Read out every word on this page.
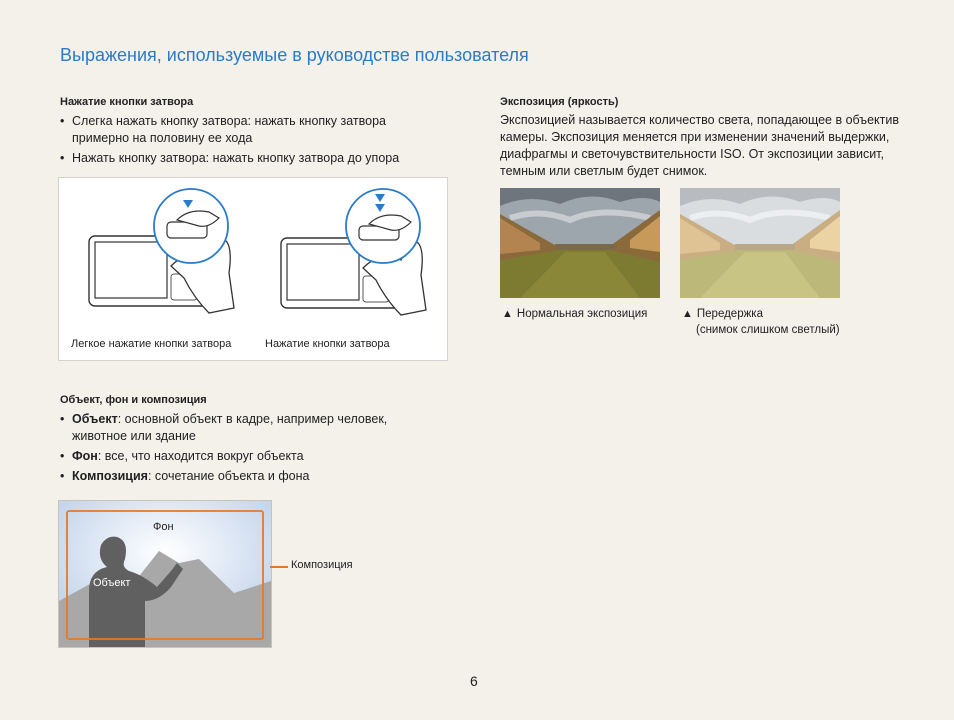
Выражения, используемые в руководстве пользователя
Нажатие кнопки затвора
• Слегка нажать кнопку затвора: нажать кнопку затвора примерно на половину ее хода
• Нажать кнопку затвора: нажать кнопку затвора до упора
Легкое нажатие кнопки затвора	Нажатие кнопки затвора
Объект, фон и композиция
• Объект: основной объект в кадре, например человек, животное или здание
• Фон: все, что находится вокруг объекта
• Композиция: сочетание объекта и фона
Фон
Объект
Композиция
Экспозиция (яркость)

Экспозицией называется количество света, попадающее в объектив камеры. Экспозиция меняется при изменении значений выдержки, диафрагмы и светочувствительности ISO. От экспозиции зависит, темным или светлым будет снимок.

▲ Нормальная экспозиция	▲ Передержка
(снимок слишком светлый)
6
